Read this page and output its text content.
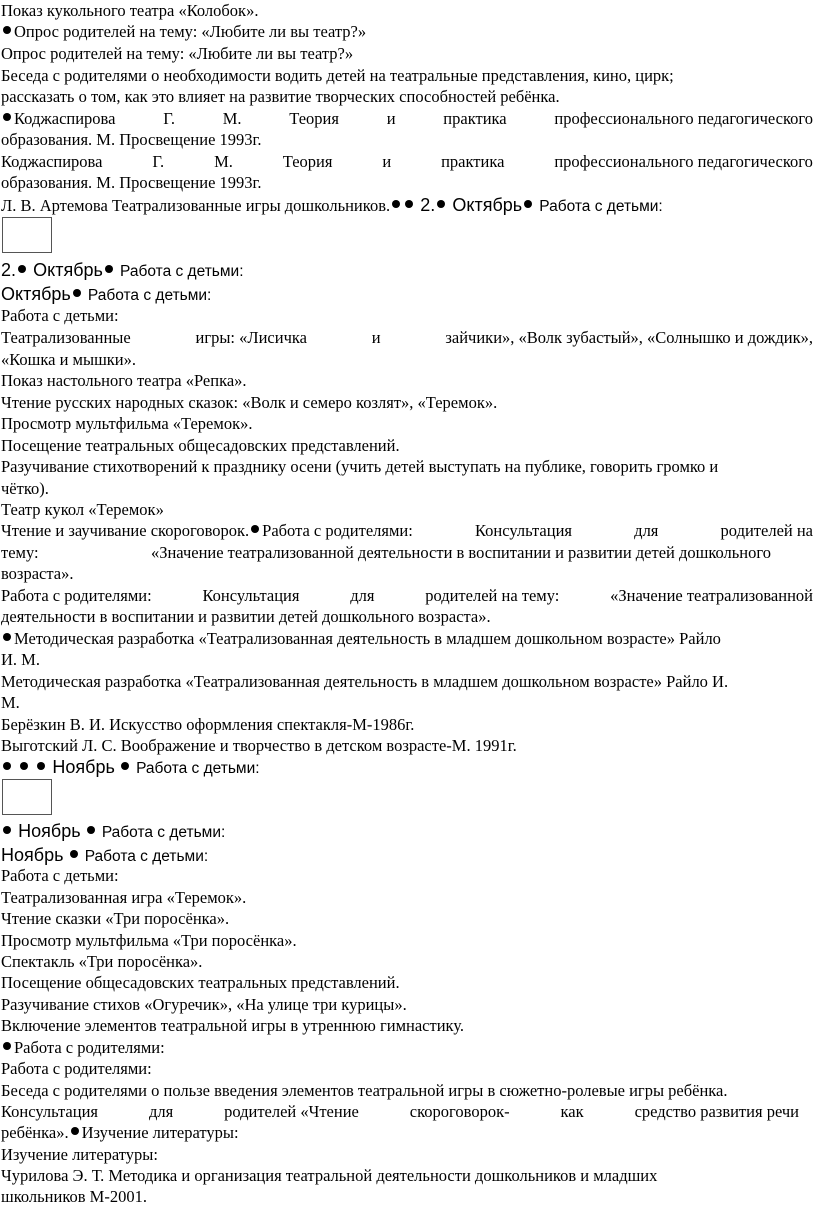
Показ кукольного театра «Колобок».
Опрос родителей на тему: «Любите ли вы театр?»
Опрос родителей на тему: «Любите ли вы театр?»
Беседа с родителями о необходимости водить детей на театральные представления, кино, цирк;
рассказать о том, как это влияет на развитие творческих способностей ребёнка.
Коджаспирова	Г.	М.	Теория	и	практика	профессионального педагогического
образования. М. Просвещение 1993г.
Коджаспирова	Г.	М.	Теория	и	практика	профессионального педагогического
образования. М. Просвещение 1993г.
Л. В. Артемова Театрализованные игры дошкольников. 2. Октябрь Работа с детьми:
2. Октябрь Работа с детьми:
Октябрь Работа с детьми:
Работа с детьми:
Театрализованные	игры: «Лисичка	и	зайчики», «Волк зубастый», «Солнышко и дождик»,
«Кошка и мышки».
Показ настольного театра «Репка».
Чтение русских народных сказок: «Волк и семеро козлят», «Теремок».
Просмотр мультфильма «Теремок».
Посещение театральных общесадовских представлений.
Разучивание стихотворений к празднику осени (учить детей выступать на публике, говорить громко и
чётко).
Театр кукол «Теремок»
Чтение и заучивание скороговорок. Работа с родителями:	Консультация	для	родителей на
тему:	«Значение театрализованной деятельности в воспитании и развитии детей дошкольного
возраста».
Работа с родителями:	Консультация	для	родителей на тему:	«Значение театрализованной
деятельности в воспитании и развитии детей дошкольного возраста».
Методическая разработка «Театрализованная деятельность в младшем дошкольном возрасте» Райло
И. М.
Методическая разработка «Театрализованная деятельность в младшем дошкольном возрасте» Райло И.
М.
Берёзкин В. И. Искусство оформления спектакля-М-1986г.
Выготский Л. С. Воображение и творчество в детском возрасте-М. 1991г.
Ноябрь Работа с детьми:
Ноябрь Работа с детьми:
Ноябрь Работа с детьми:
Работа с детьми:
Театрализованная игра «Теремок».
Чтение сказки «Три поросёнка».
Просмотр мультфильма «Три поросёнка».
Спектакль «Три поросёнка».
Посещение общесадовских театральных представлений.
Разучивание стихов «Огуречик», «На улице три курицы».
Включение элементов театральной игры в утреннюю гимнастику.
Работа с родителями:
Работа с родителями:
Беседа с родителями о пользе введения элементов театральной игры в сюжетно-ролевые игры ребёнка.
Консультация	для	родителей «Чтение	скороговорок-	как	средство развития речи
ребёнка». Изучение литературы:
Изучение литературы:
Чурилова Э. Т. Методика и организация театральной деятельности дошкольников и младших
школьников М-2001.
